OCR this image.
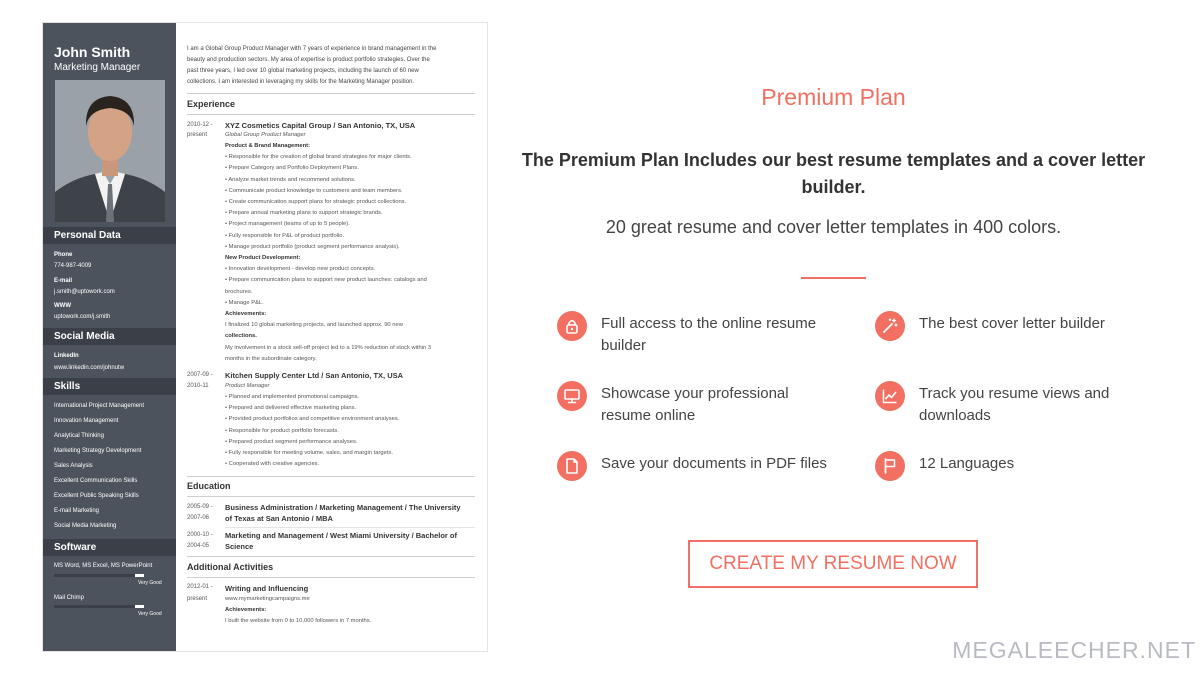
John Smith
Marketing Manager
Personal Data
Phone
774-987-4009
E-mail
j.smith@uptowork.com
WWW
uptowork.com/j.smith
Social Media
LinkedIn
www.linkedin.com/johnutw
Skills
International Project Management
Innovation Management
Analytical Thinking
Marketing Strategy Development
Sales Analysis
Excellent Communication Skills
Excellent Public Speaking Skills
E-mail Marketing
Social Media Marketing
Software
MS Word, MS Excel, MS PowerPoint
Very Good
Mail Chimp
Very Good
I am a Global Group Product Manager with 7 years of experience in brand management in the
beauty and production sectors. My area of expertise is product portfolio strategies. Over the
past three years, I led over 10 global marketing projects, including the launch of 60 new
collections. I am interested in leveraging my skills for the Marketing Manager position.
Experience
2010-12 -
present
XYZ Cosmetics Capital Group / San Antonio, TX, USA
Global Group Product Manager
Product & Brand Management:
• Responsible for the creation of global brand strategies for major clients.
• Prepare Category and Portfolio Deployment Plans.
• Analyze market trends and recommend solutions.
• Communicate product knowledge to customers and team members.
• Create communication support plans for strategic product collections.
• Prepare annual marketing plans to support strategic brands.
• Project management (teams of up to 5 people).
• Fully responsible for P&L of product portfolio.
• Manage product portfolio (product segment performance analysis).
New Product Development:
• Innovation development - develop new product concepts.
• Prepare communication plans to support new product launches: catalogs and
brochures.
• Manage P&L.
Achievements:
I finalized 10 global marketing projects, and launched approx. 90 new
collections.
My involvement in a stock sell-off project led to a 19% reduction of stock within 3
months in the subordinate category.
2007-09 -
2010-11
Kitchen Supply Center Ltd / San Antonio, TX, USA
Product Manager
• Planned and implemented promotional campaigns.
• Prepared and delivered effective marketing plans.
• Provided product portfolios and competitive environment analyses.
• Responsible for product portfolio forecasts.
• Prepared product segment performance analyses.
• Fully responsible for meeting volume, sales, and margin targets.
• Cooperated with creative agencies.
Education
2005-09 -
2007-06
Business Administration / Marketing Management / The University
of Texas at San Antonio / MBA
2000-10 -
2004-05
Marketing and Management / West Miami University / Bachelor of
Science
Additional Activities
2012-01 -
present
Writing and Influencing
www.mymarketingcampaigns.me
Achievements:
I built the website from 0 to 10,000 followers in 7 months.
Premium Plan
The Premium Plan Includes our best resume templates and a cover letter builder.
20 great resume and cover letter templates in 400 colors.
Full access to the online resume builder
The best cover letter builder
Showcase your professional resume online
Track you resume views and downloads
Save your documents in PDF files	12 Languages
CREATE MY RESUME NOW
MEGALEECHER.NET
